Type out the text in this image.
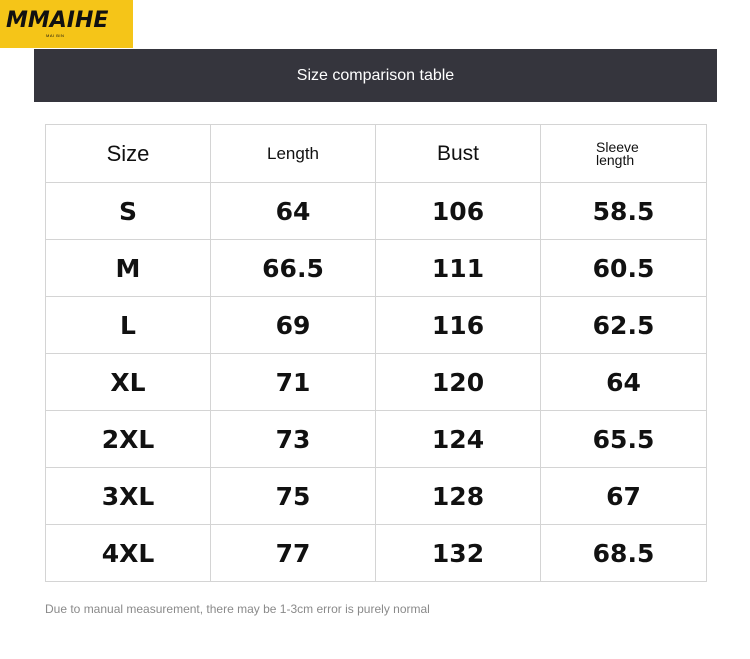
MMAIHE
MAI BIN
Size comparison table
Size	Length	Bust	Sleeve length
S	64	106	58.5
M	66.5	111	60.5
L	69	116	62.5
XL	71	120	64
2XL	73	124	65.5
3XL	75	128	67
4XL	77	132	68.5
Due to manual measurement, there may be 1-3cm error is purely normal
